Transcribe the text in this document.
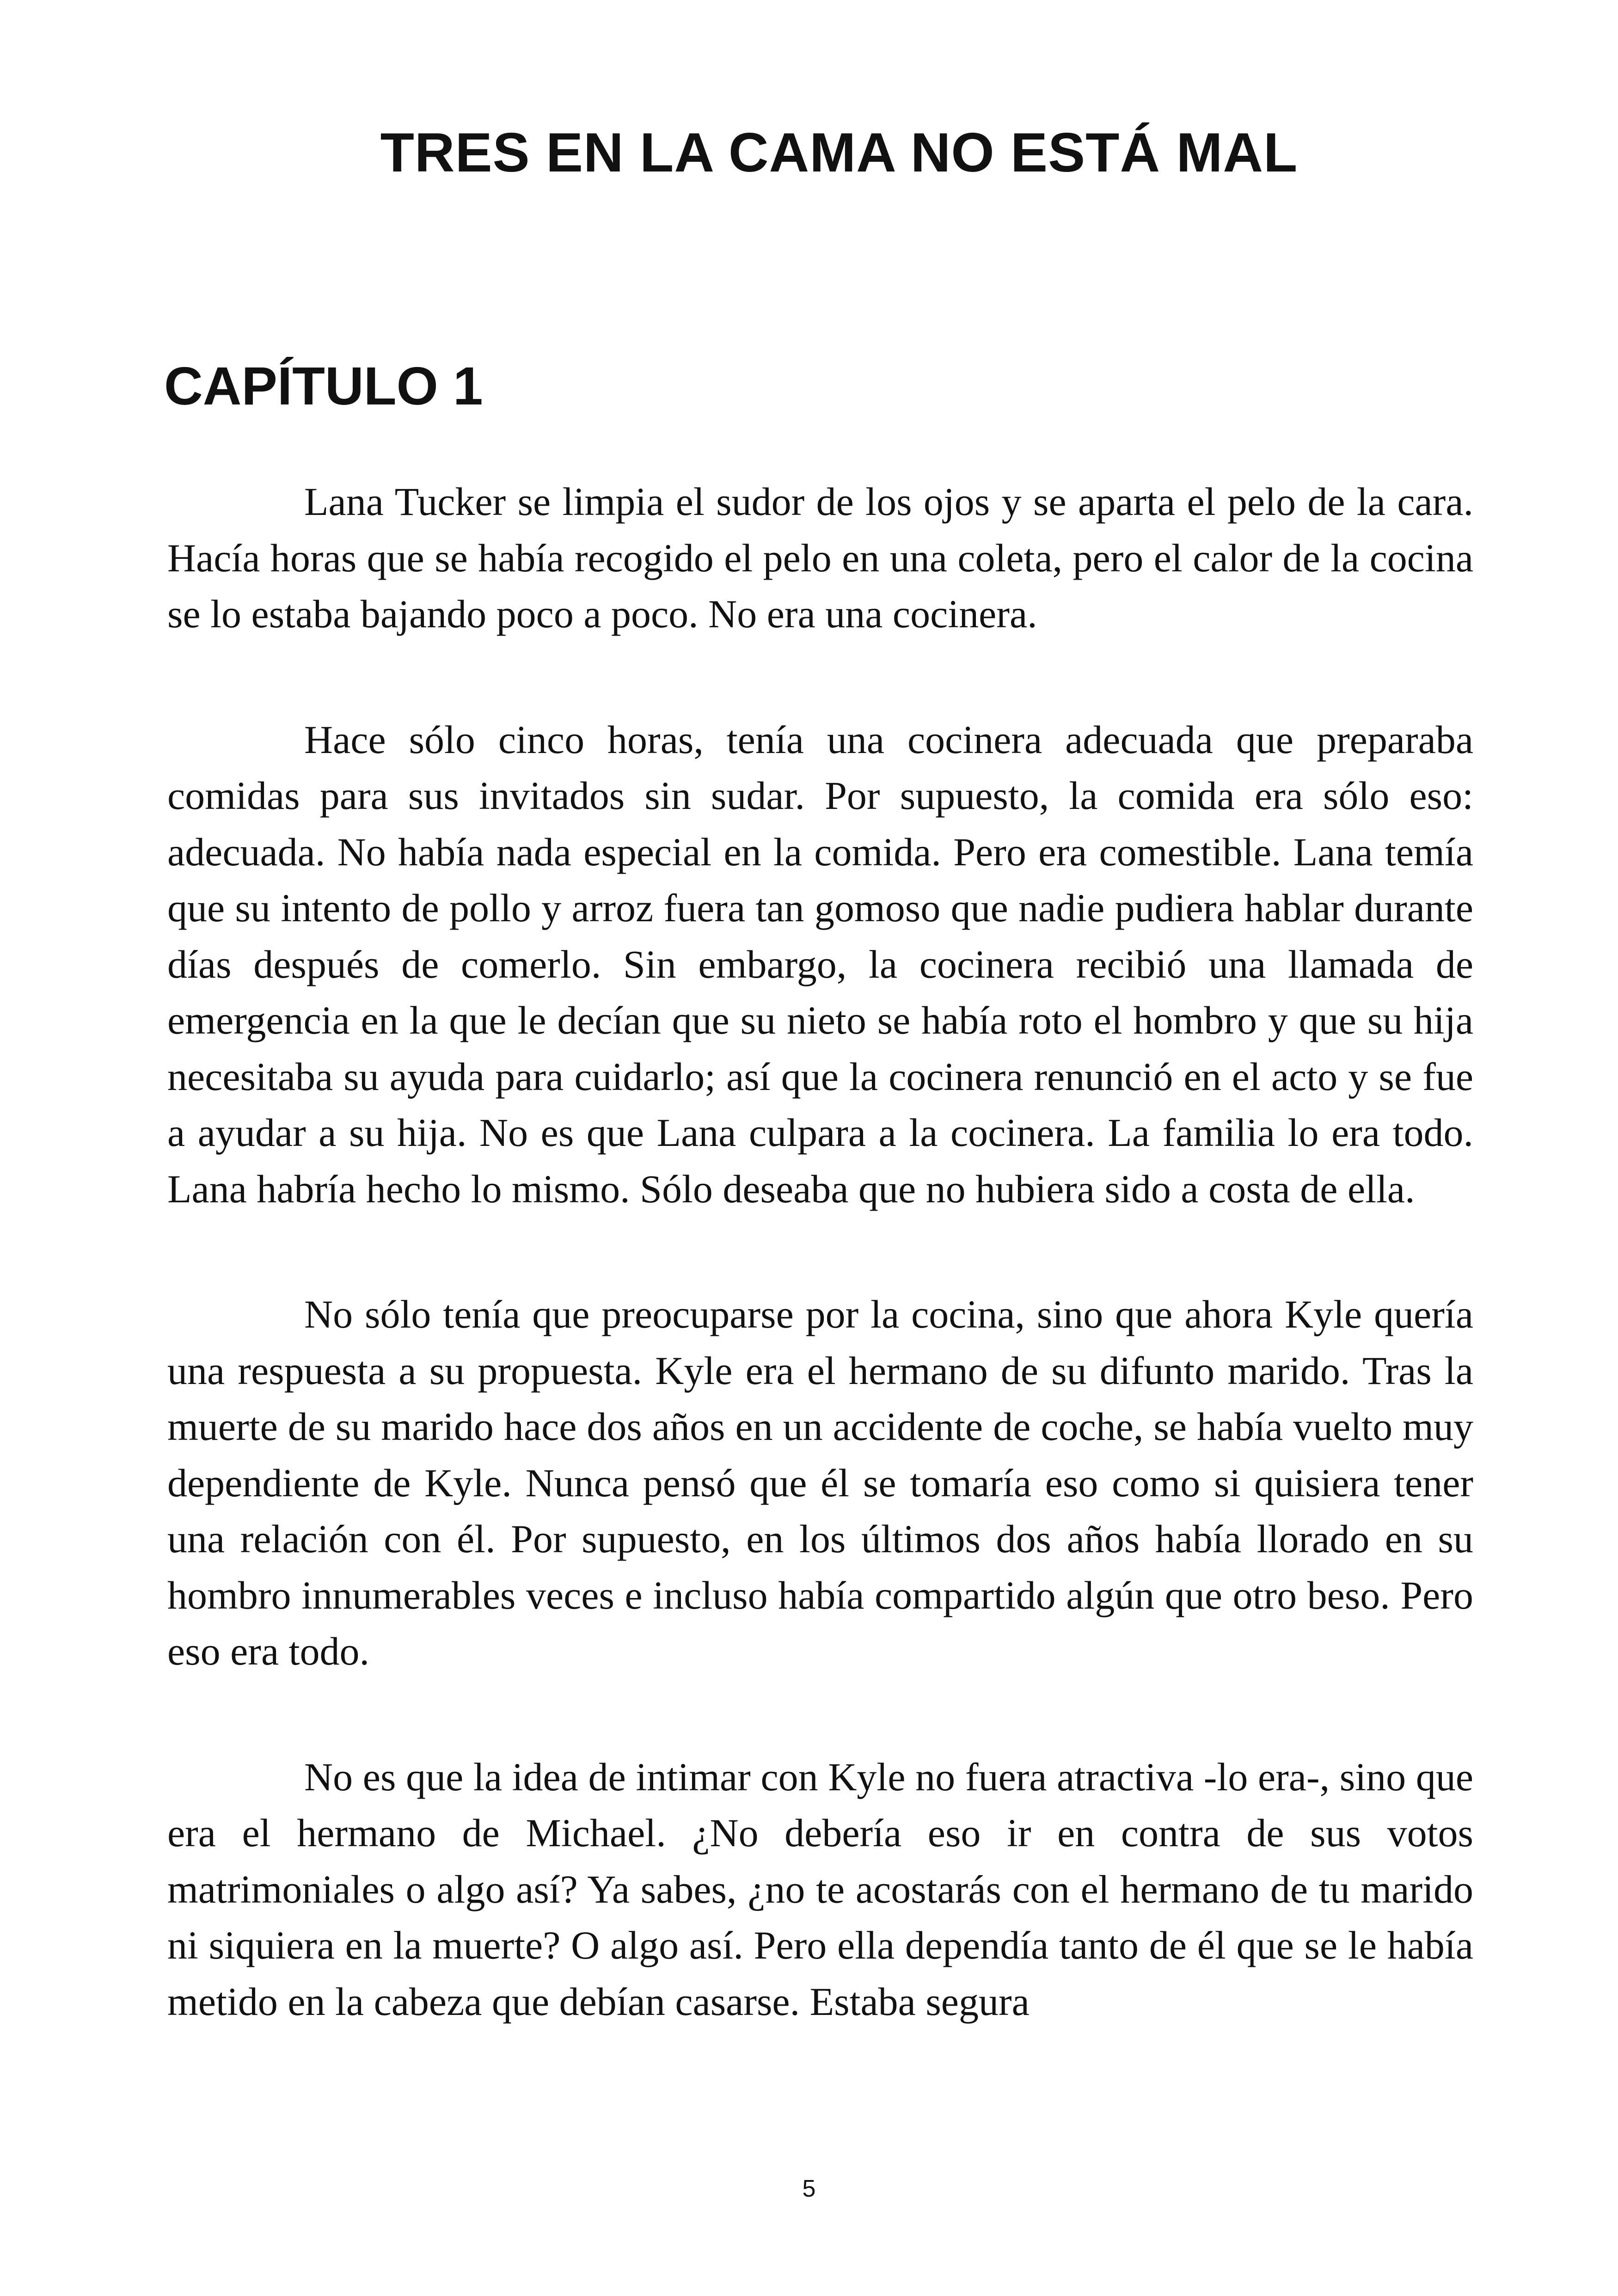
TRES EN LA CAMA NO ESTÁ MAL
CAPÍTULO 1

Lana Tucker se limpia el sudor de los ojos y se aparta el pelo de la cara. Hacía horas que se había recogido el pelo en una coleta, pero el calor de la cocina se lo estaba bajando poco a poco. No era una cocinera.

Hace sólo cinco horas, tenía una cocinera adecuada que preparaba comidas para sus invitados sin sudar. Por supuesto, la comida era sólo eso: adecuada. No había nada especial en la comida. Pero era comestible. Lana temía que su intento de pollo y arroz fuera tan gomoso que nadie pudiera hablar durante días después de comerlo. Sin embargo, la cocinera recibió una llamada de emergencia en la que le decían que su nieto se había roto el hombro y que su hija necesitaba su ayuda para cuidarlo; así que la cocinera renunció en el acto y se fue a ayudar a su hija. No es que Lana culpara a la cocinera. La familia lo era todo. Lana habría hecho lo mismo. Sólo deseaba que no hubiera sido a costa de ella.

No sólo tenía que preocuparse por la cocina, sino que ahora Kyle quería una respuesta a su propuesta. Kyle era el hermano de su difunto marido. Tras la muerte de su marido hace dos años en un accidente de coche, se había vuelto muy dependiente de Kyle. Nunca pensó que él se tomaría eso como si quisiera tener una relación con él. Por supuesto, en los últimos dos años había llorado en su hombro innumerables veces e incluso había compartido algún que otro beso. Pero eso era todo.

No es que la idea de intimar con Kyle no fuera atractiva -lo era-, sino que era el hermano de Michael. ¿No debería eso ir en contra de sus votos matrimoniales o algo así? Ya sabes, ¿no te acostarás con el hermano de tu marido ni siquiera en la muerte? O algo así. Pero ella dependía tanto de él que se le había metido en la cabeza que debían casarse. Estaba segura

5
